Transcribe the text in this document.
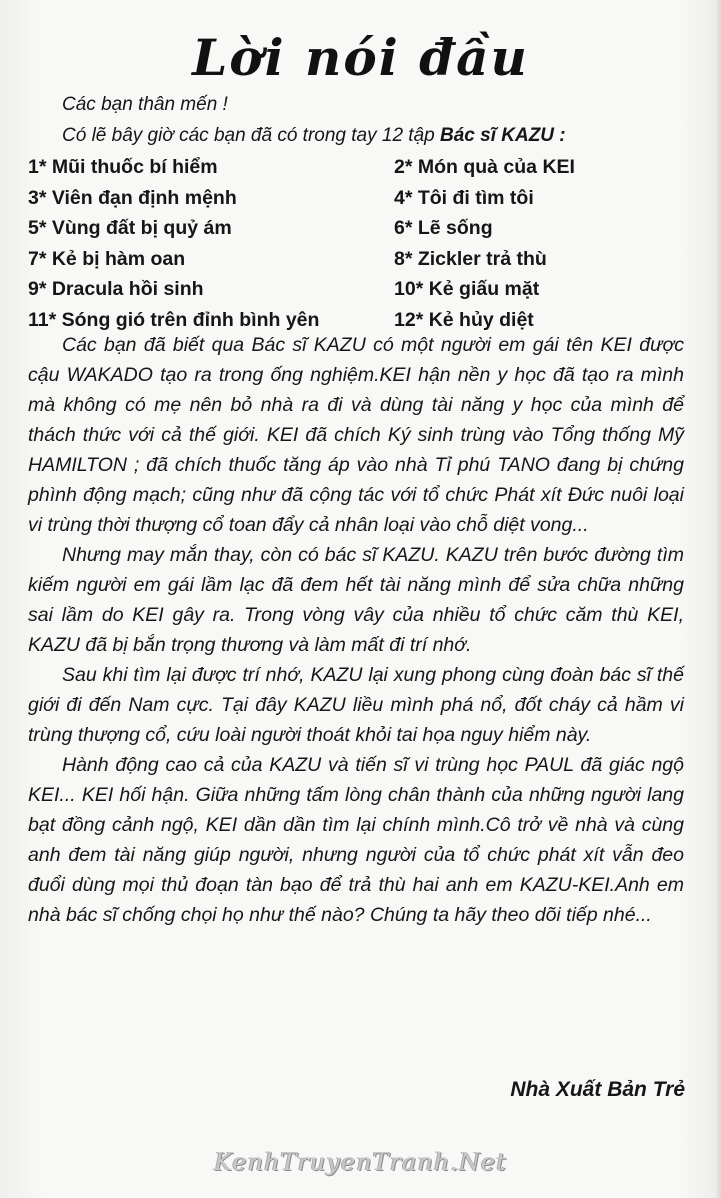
Lời nói đầu
Các bạn thân mến !
Có lẽ bây giờ các bạn đã có trong tay 12 tập Bác sĩ KAZU :
1* Mũi thuốc bí hiểm	2* Món quà của KEI
3* Viên đạn định mệnh	4* Tôi đi tìm tôi
5* Vùng đất bị quỷ ám	6* Lẽ sống
7* Kẻ bị hàm oan	8* Zickler trả thù
9* Dracula hồi sinh	10* Kẻ giấu mặt
11* Sóng gió trên đỉnh bình yên	12* Kẻ hủy diệt

Các bạn đã biết qua Bác sĩ KAZU có một người em gái tên KEI được cậu WAKADO tạo ra trong ống nghiệm.KEI hận nền y học đã tạo ra mình mà không có mẹ nên bỏ nhà ra đi và dùng tài năng y học của mình để thách thức với cả thế giới. KEI đã chích Ký sinh trùng vào Tổng thống Mỹ HAMILTON ; đã chích thuốc tăng áp vào nhà Tỉ phú TANO đang bị chứng phình động mạch; cũng như đã cộng tác với tổ chức Phát xít Đức nuôi loại vi trùng thời thượng cổ toan đẩy cả nhân loại vào chỗ diệt vong...

Nhưng may mắn thay, còn có bác sĩ KAZU. KAZU trên bước đường tìm kiếm người em gái lầm lạc đã đem hết tài năng mình để sửa chữa những sai lầm do KEI gây ra. Trong vòng vây của nhiều tổ chức căm thù KEI, KAZU đã bị bắn trọng thương và làm mất đi trí nhớ.

Sau khi tìm lại được trí nhớ, KAZU lại xung phong cùng đoàn bác sĩ thế giới đi đến Nam cực. Tại đây KAZU liều mình phá nổ, đốt cháy cả hầm vi trùng thượng cổ, cứu loài người thoát khỏi tai họa nguy hiểm này.

Hành động cao cả của KAZU và tiến sĩ vi trùng học PAUL đã giác ngộ KEI... KEI hối hận. Giữa những tấm lòng chân thành của những người lang bạt đồng cảnh ngộ, KEI dần dần tìm lại chính mình.Cô trở về nhà và cùng anh đem tài năng giúp người, nhưng người của tổ chức phát xít vẫn đeo đuổi dùng mọi thủ đoạn tàn bạo để trả thù hai anh em KAZU-KEI.Anh em nhà bác sĩ chống chọi họ như thế nào? Chúng ta hãy theo dõi tiếp nhé...

Nhà Xuất Bản Trẻ
KenhTruyenTranh.Net
